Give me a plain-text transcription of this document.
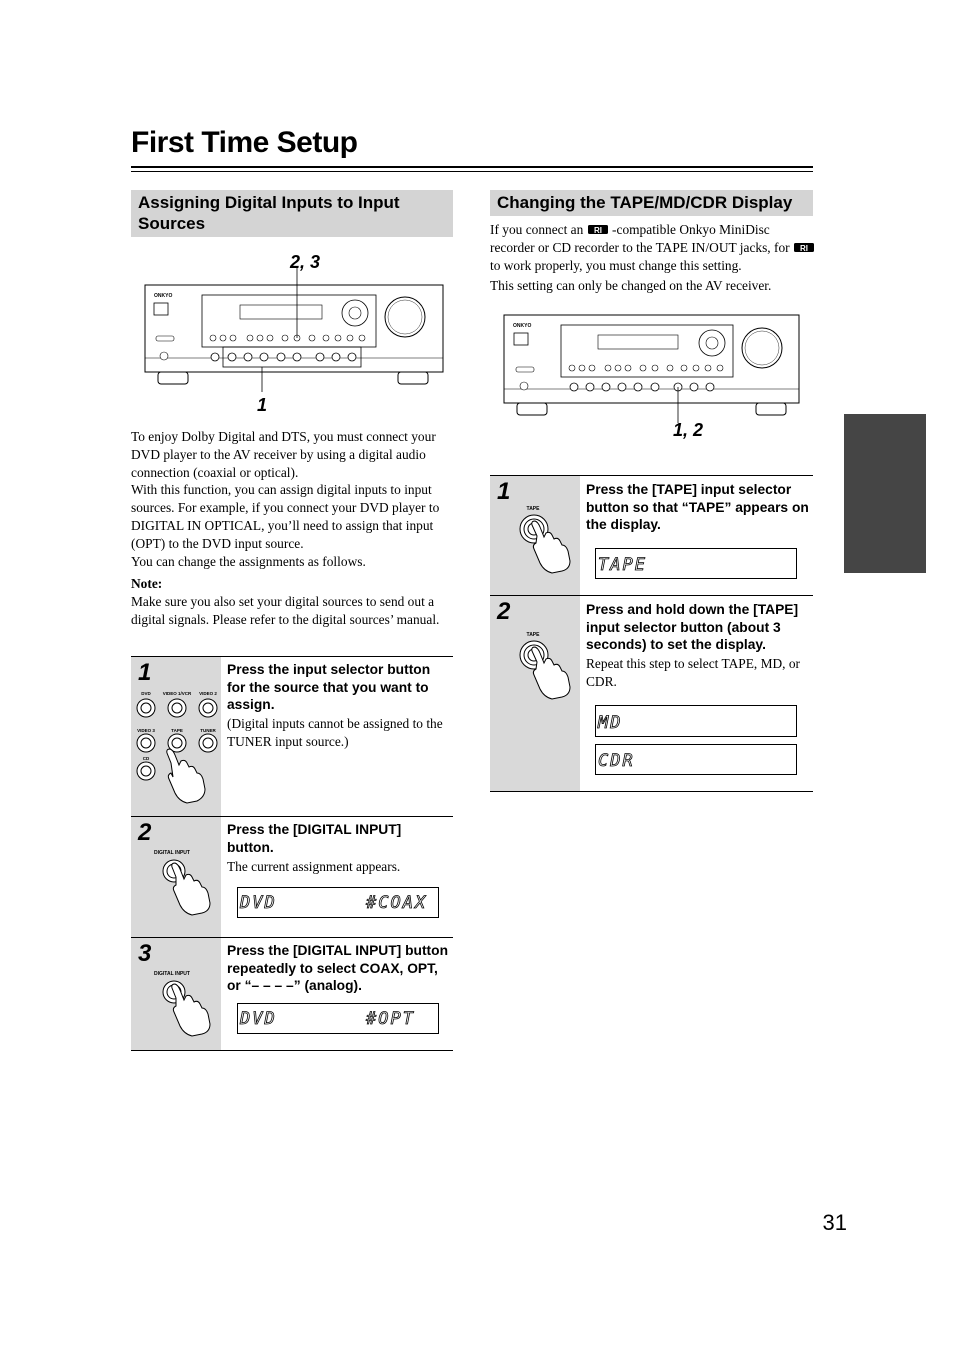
First Time Setup
Assigning Digital Inputs to Input Sources
ONKYO
2, 3
1
To enjoy Dolby Digital and DTS, you must connect your DVD player to the AV receiver by using a digital audio connection (coaxial or optical).
With this function, you can assign digital inputs to input sources. For example, if you connect your DVD player to DIGITAL IN OPTICAL, you’ll need to assign that input (OPT) to the DVD input source.
You can change the assignments as follows.
Note:
Make sure you also set your digital sources to send out a digital signals. Please refer to the digital sources’ manual.
1
DVD	VIDEO 1/VCR VIDEO 2
VIDEO 3	TAPE	TUNER
CD
Press the input selector button for the source that you want to assign.
(Digital inputs cannot be assigned to the TUNER input source.)
2
DIGITAL INPUT
Press the [DIGITAL INPUT] button.
The current assignment appears.
DVD	#COAX
3
DIGITAL INPUT
Press the [DIGITAL INPUT] button repeatedly to select COAX, OPT, or “– – – –” (analog).
DVD	#OPT
Changing the TAPE/MD/CDR Display
If you connect an RI -compatible Onkyo MiniDisc recorder or CD recorder to the TAPE IN/OUT jacks, for RI
to work properly, you must change this setting.
This setting can only be changed on the AV receiver.
ONKYO
1, 2
1
TAPE
Press the [TAPE] input selector button so that “TAPE” appears on the display.
TAPE
2
TAPE
Press and hold down the [TAPE] input selector button (about 3 seconds) to set the display.
Repeat this step to select TAPE, MD, or CDR.
MD
CDR
31
